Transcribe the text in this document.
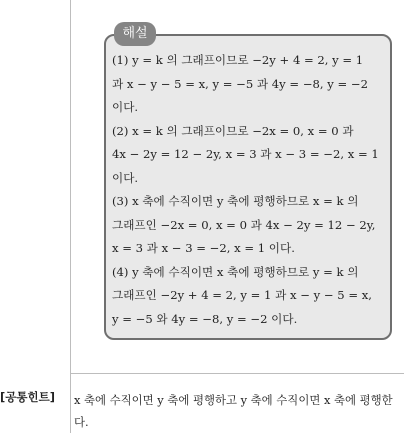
해설
(1) y = k 의 그래프이므로 −2y + 4 = 2, y = 1
과 x − y − 5 = x, y = −5 과 4y = −8, y = −2
이다.
(2) x = k 의 그래프이므로 −2x = 0, x = 0 과
4x − 2y = 12 − 2y, x = 3 과 x − 3 = −2, x = 1
이다.
(3) x 축에 수직이면 y 축에 평행하므로 x = k 의
그래프인 −2x = 0, x = 0 과 4x − 2y = 12 − 2y,
x = 3 과 x − 3 = −2, x = 1 이다.
(4) y 축에 수직이면 x 축에 평행하므로 y = k 의
그래프인 −2y + 4 = 2, y = 1 과 x − y − 5 = x,
y = −5 와 4y = −8, y = −2 이다.
[공통힌트] x 축에 수직이면 y 축에 평행하고 y 축에 수직이면 x 축에 평행한다.
